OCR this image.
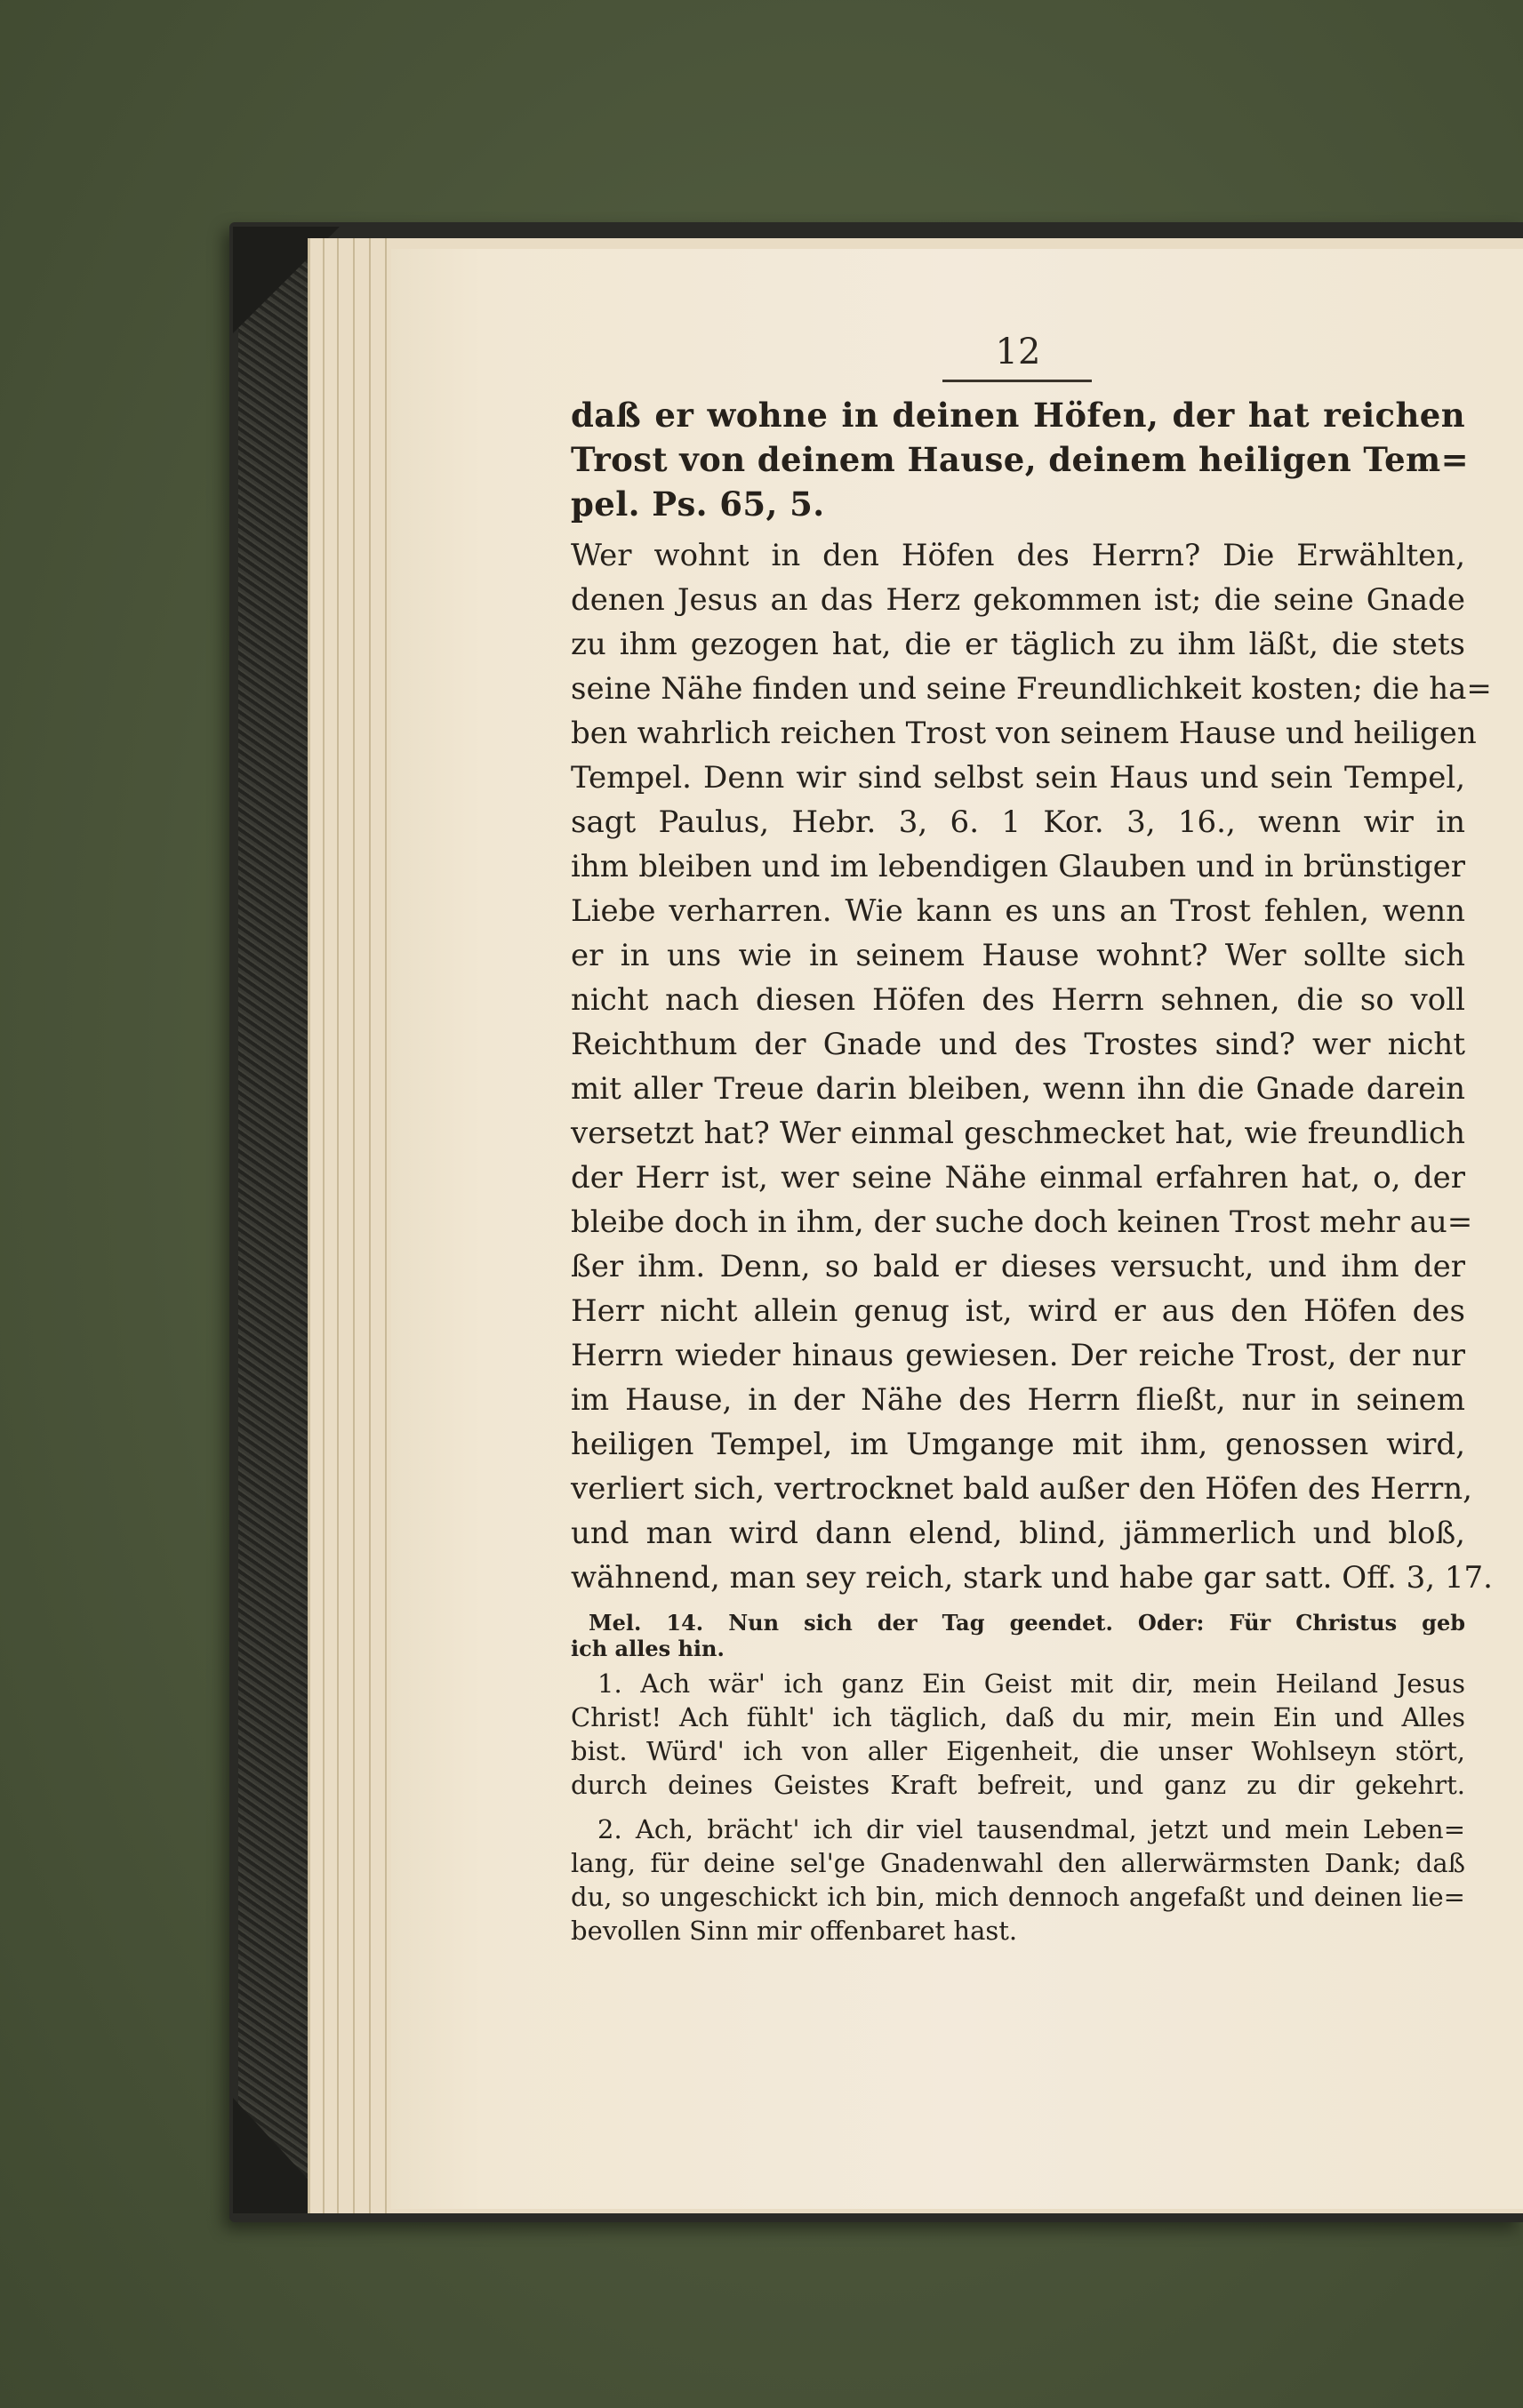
12
daß er wohne in deinen Höfen, der hat reichen
Trost von deinem Hause, deinem heiligen Tem=
pel. Ps. 65, 5.
Wer wohnt in den Höfen des Herrn? Die Erwählten,
denen Jesus an das Herz gekommen ist; die seine Gnade
zu ihm gezogen hat, die er täglich zu ihm läßt, die stets
seine Nähe finden und seine Freundlichkeit kosten; die ha=
ben wahrlich reichen Trost von seinem Hause und heiligen
Tempel. Denn wir sind selbst sein Haus und sein Tempel,
sagt Paulus, Hebr. 3, 6. 1 Kor. 3, 16., wenn wir in
ihm bleiben und im lebendigen Glauben und in brünstiger
Liebe verharren. Wie kann es uns an Trost fehlen, wenn
er in uns wie in seinem Hause wohnt? Wer sollte sich
nicht nach diesen Höfen des Herrn sehnen, die so voll
Reichthum der Gnade und des Trostes sind? wer nicht
mit aller Treue darin bleiben, wenn ihn die Gnade darein
versetzt hat? Wer einmal geschmecket hat, wie freundlich
der Herr ist, wer seine Nähe einmal erfahren hat, o, der
bleibe doch in ihm, der suche doch keinen Trost mehr au=
ßer ihm. Denn, so bald er dieses versucht, und ihm der
Herr nicht allein genug ist, wird er aus den Höfen des
Herrn wieder hinaus gewiesen. Der reiche Trost, der nur
im Hause, in der Nähe des Herrn fließt, nur in seinem
heiligen Tempel, im Umgange mit ihm, genossen wird,
verliert sich, vertrocknet bald außer den Höfen des Herrn,
und man wird dann elend, blind, jämmerlich und bloß,
wähnend, man sey reich, stark und habe gar satt. Off. 3, 17.
Mel. 14. Nun sich der Tag geendet. Oder: Für Christus geb
ich alles hin.
1. Ach wär' ich ganz Ein Geist mit dir, mein Heiland Jesus
Christ! Ach fühlt' ich täglich, daß du mir, mein Ein und Alles
bist. Würd' ich von aller Eigenheit, die unser Wohlseyn stört,
durch deines Geistes Kraft befreit, und ganz zu dir gekehrt.
2. Ach, brächt' ich dir viel tausendmal, jetzt und mein Leben=
lang, für deine sel'ge Gnadenwahl den allerwärmsten Dank; daß
du, so ungeschickt ich bin, mich dennoch angefaßt und deinen lie=
bevollen Sinn mir offenbaret hast.
